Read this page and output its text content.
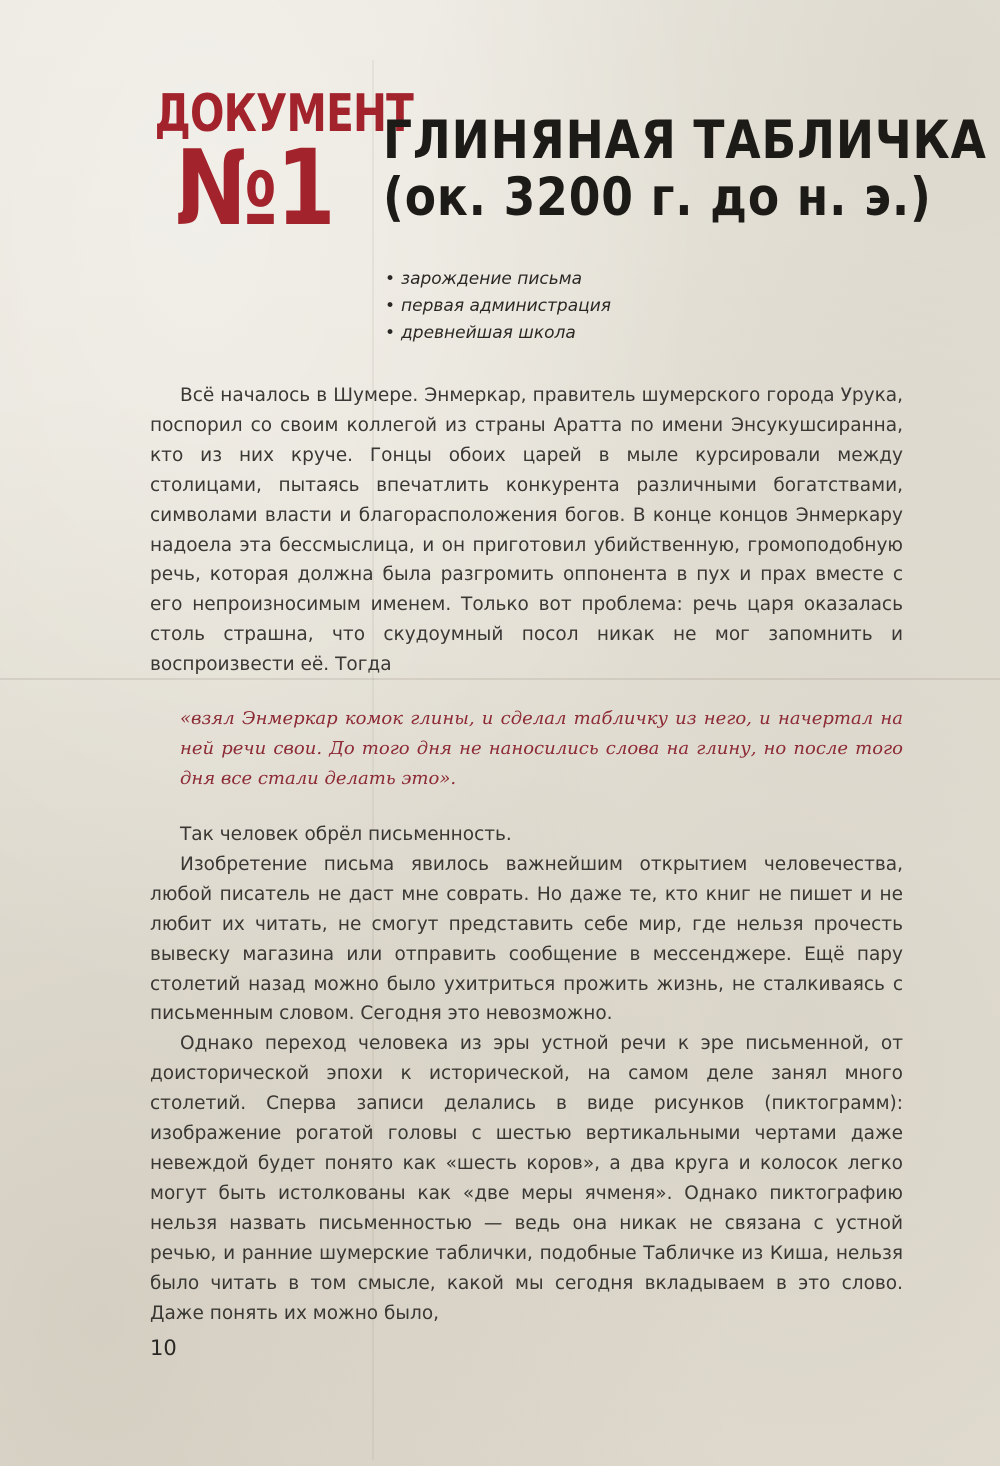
ДОКУМЕНТ
№1 ГЛИНЯНАЯ ТАБЛИЧКА
(ок. 3200 г. до н. э.)
• зарождение письма
• первая администрация
• древнейшая школа

Всё началось в Шумере. Энмеркар, правитель шумерского города Урука, поспорил со своим коллегой из страны Аратта по имени Энсукушсиранна, кто из них круче. Гонцы обоих царей в мыле курсировали между столицами, пытаясь впечатлить конкурента различными богатствами, символами власти и благорасположения богов. В конце концов Энмеркару надоела эта бессмыслица, и он приготовил убийственную, громоподобную речь, которая должна была разгромить оппонента в пух и прах вместе с его непроизносимым именем. Только вот проблема: речь царя оказалась столь страшна, что скудоумный посол никак не мог запомнить и воспроизвести её. Тогда

«взял Энмеркар комок глины, и сделал табличку из него, и начертал на ней речи свои. До того дня не наносились слова на глину, но после того дня все стали делать это».

Так человек обрёл письменность.

Изобретение письма явилось важнейшим открытием человечества, любой писатель не даст мне соврать. Но даже те, кто книг не пишет и не любит их читать, не смогут представить себе мир, где нельзя прочесть вывеску магазина или отправить сообщение в мессенджере. Ещё пару столетий назад можно было ухитриться прожить жизнь, не сталкиваясь с письменным словом. Сегодня это невозможно.

Однако переход человека из эры устной речи к эре письменной, от доисторической эпохи к исторической, на самом деле занял много столетий. Сперва записи делались в виде рисунков (пиктограмм): изображение рогатой головы с шестью вертикальными чертами даже невеждой будет понято как «шесть коров», а два круга и колосок легко могут быть истолкованы как «две меры ячменя». Однако пиктографию нельзя назвать письменностью — ведь она никак не связана с устной речью, и ранние шумерские таблички, подобные Табличке из Киша, нельзя было читать в том смысле, какой мы сегодня вкладываем в это слово. Даже понять их можно было,

10
